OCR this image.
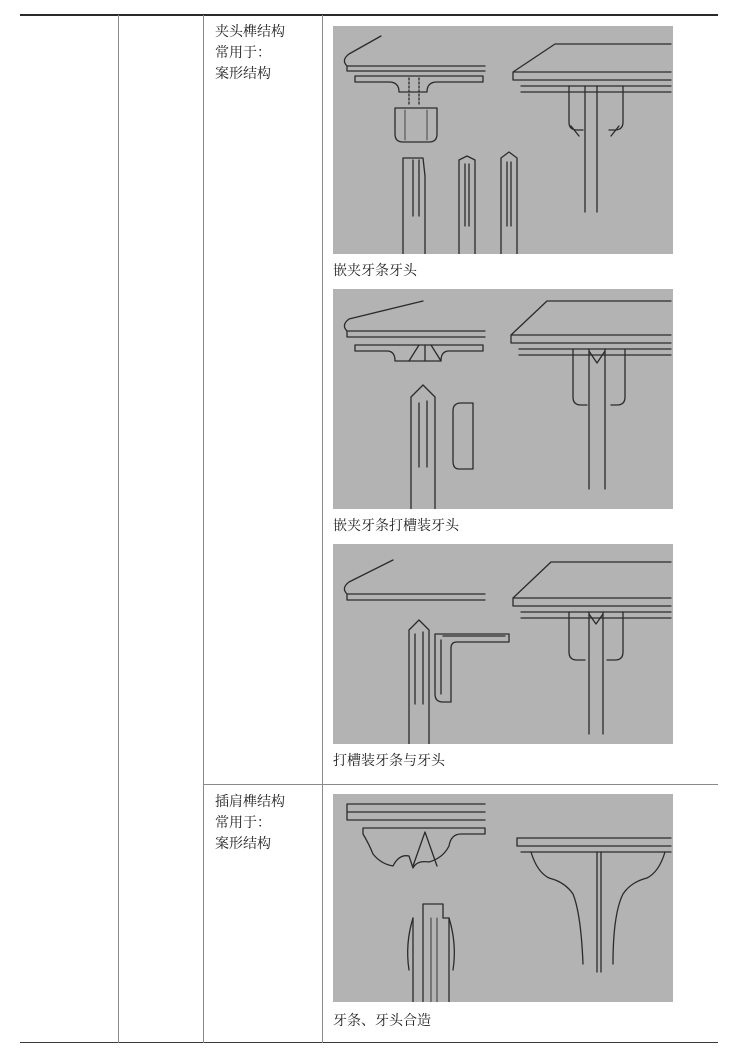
夹头榫结构
常用于：
案形结构
嵌夹牙条牙头
嵌夹牙条打槽装牙头
打槽装牙条与牙头
插肩榫结构
常用于：
案形结构
牙条、牙头合造
